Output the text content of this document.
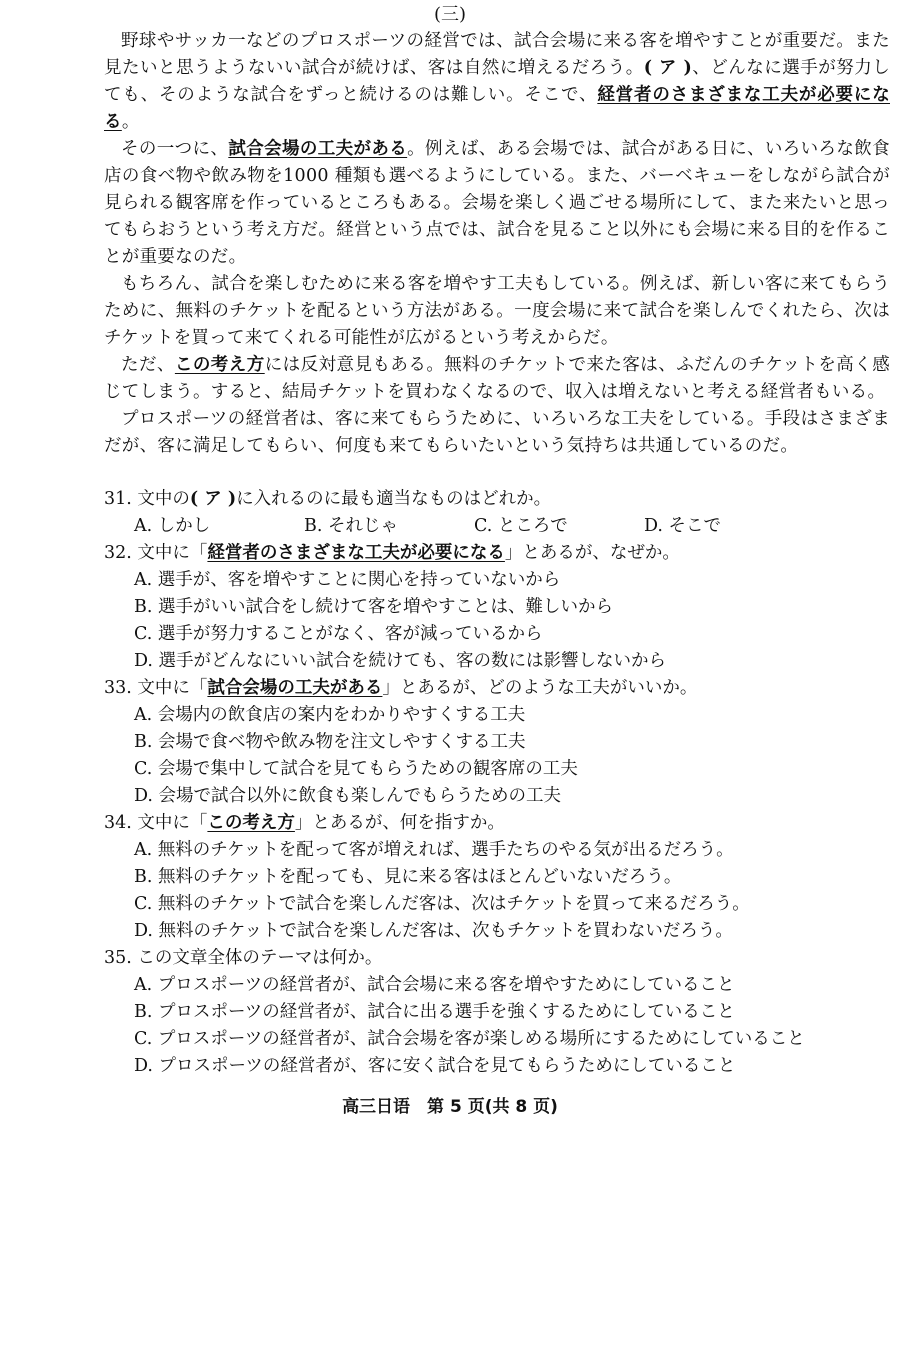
(三)

野球やサッカ一などのプロスポーツの経営では、試合会場に来る客を増やすことが重要だ。また見たいと思うようないい試合が続けば、客は自然に増えるだろう。( ア )、どんなに選手が努力しても、そのような試合をずっと続けるのは難しい。そこで、経営者のさまざまな工夫が必要になる。

その一つに、試合会場の工夫がある。例えば、ある会場では、試合がある日に、いろいろな飲食店の食べ物や飲み物を1000 種類も選べるようにしている。また、バーベキューをしながら試合が見られる観客席を作っているところもある。会場を楽しく過ごせる場所にして、また来たいと思ってもらおうという考え方だ。経営という点では、試合を見ること以外にも会場に来る目的を作ることが重要なのだ。

もちろん、試合を楽しむために来る客を増やす工夫もしている。例えば、新しい客に来てもらうために、無料のチケットを配るという方法がある。一度会場に来て試合を楽しんでくれたら、次はチケットを買って来てくれる可能性が広がるという考えからだ。

ただ、この考え方には反対意見もある。無料のチケットで来た客は、ふだんのチケットを高く感じてしまう。すると、結局チケットを買わなくなるので、収入は増えないと考える経営者もいる。

プロスポーツの経営者は、客に来てもらうために、いろいろな工夫をしている。手段はさまざまだが、客に満足してもらい、何度も来てもらいたいという気持ちは共通しているのだ。

31. 文中の( ア )に入れるのに最も適当なものはどれか。

A. しかし	B. それじゃ	C. ところで	D. そこで

32. 文中に「経営者のさまざまな工夫が必要になる」とあるが、なぜか。

A. 選手が、客を増やすことに関心を持っていないから
B. 選手がいい試合をし続けて客を増やすことは、難しいから
C. 選手が努力することがなく、客が減っているから
D. 選手がどんなにいい試合を続けても、客の数には影響しないから

33. 文中に「試合会場の工夫がある」とあるが、どのような工夫がいいか。

A. 会場内の飲食店の案内をわかりやすくする工夫
B. 会場で食べ物や飲み物を注文しやすくする工夫
C. 会場で集中して試合を見てもらうための観客席の工夫
D. 会場で試合以外に飲食も楽しんでもらうための工夫

34. 文中に「この考え方」とあるが、何を指すか。

A. 無料のチケットを配って客が増えれば、選手たちのやる気が出るだろう。
B. 無料のチケットを配っても、見に来る客はほとんどいないだろう。
C. 無料のチケットで試合を楽しんだ客は、次はチケットを買って来るだろう。
D. 無料のチケットで試合を楽しんだ客は、次もチケットを買わないだろう。

35. この文章全体のテーマは何か。

A. プロスポーツの経営者が、試合会場に来る客を増やすためにしていること
B. プロスポーツの経営者が、試合に出る選手を強くするためにしていること
C. プロスポーツの経営者が、試合会場を客が楽しめる場所にするためにしていること
D. プロスポーツの経営者が、客に安く試合を見てもらうためにしていること
高三日语　第 5 页(共 8 页)
